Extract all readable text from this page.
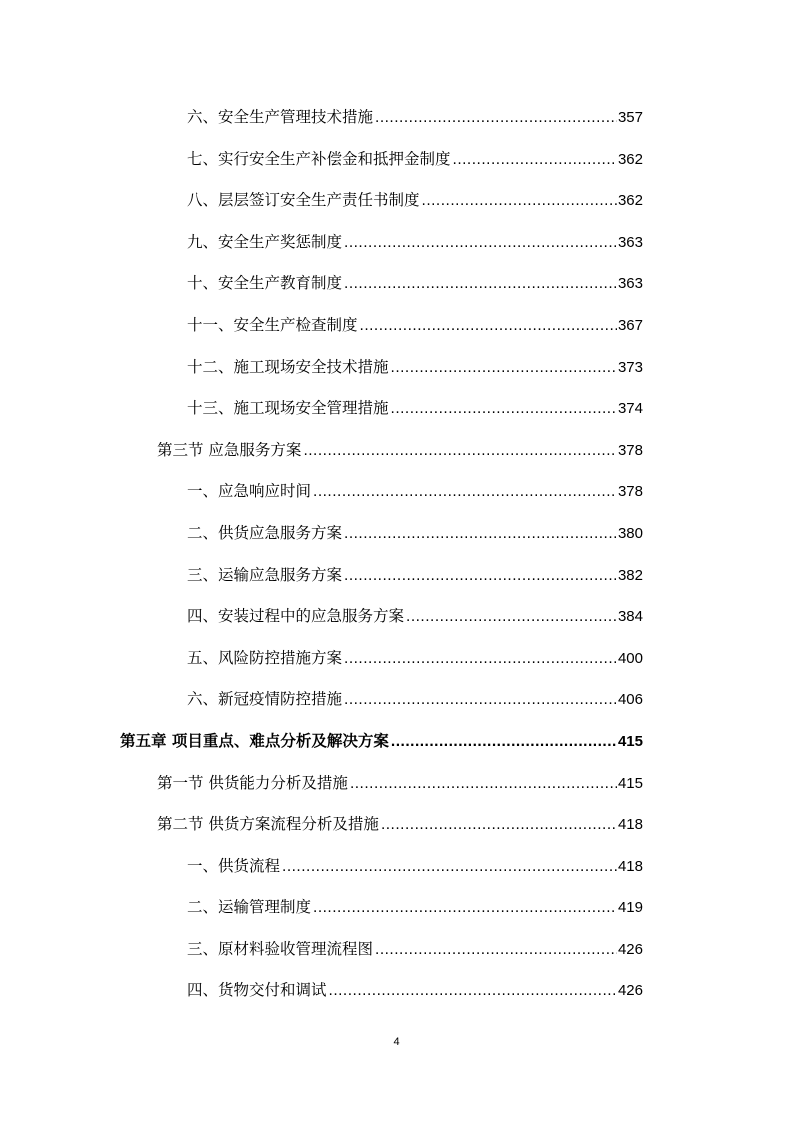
六、安全生产管理技术措施 .....	357
七、实行安全生产补偿金和抵押金制度 .....	362
八、层层签订安全生产责任书制度 .....	362
九、安全生产奖惩制度 .....	363
十、安全生产教育制度 .....	363
十一、安全生产检查制度 .....	367
十二、施工现场安全技术措施 .....	373
十三、施工现场安全管理措施 .....	374
第三节 应急服务方案 .....	378
一、应急响应时间 .....	378
二、供货应急服务方案 .....	380
三、运输应急服务方案 .....	382
四、安装过程中的应急服务方案 .....	384
五、风险防控措施方案 .....	400
六、新冠疫情防控措施 .....	406
第五章 项目重点、难点分析及解决方案 .....	415
第一节 供货能力分析及措施 .....	415
第二节 供货方案流程分析及措施 .....	418
一、供货流程 .....	418
二、运输管理制度 .....	419
三、原材料验收管理流程图 .....	426
四、货物交付和调试 .....	426
4
